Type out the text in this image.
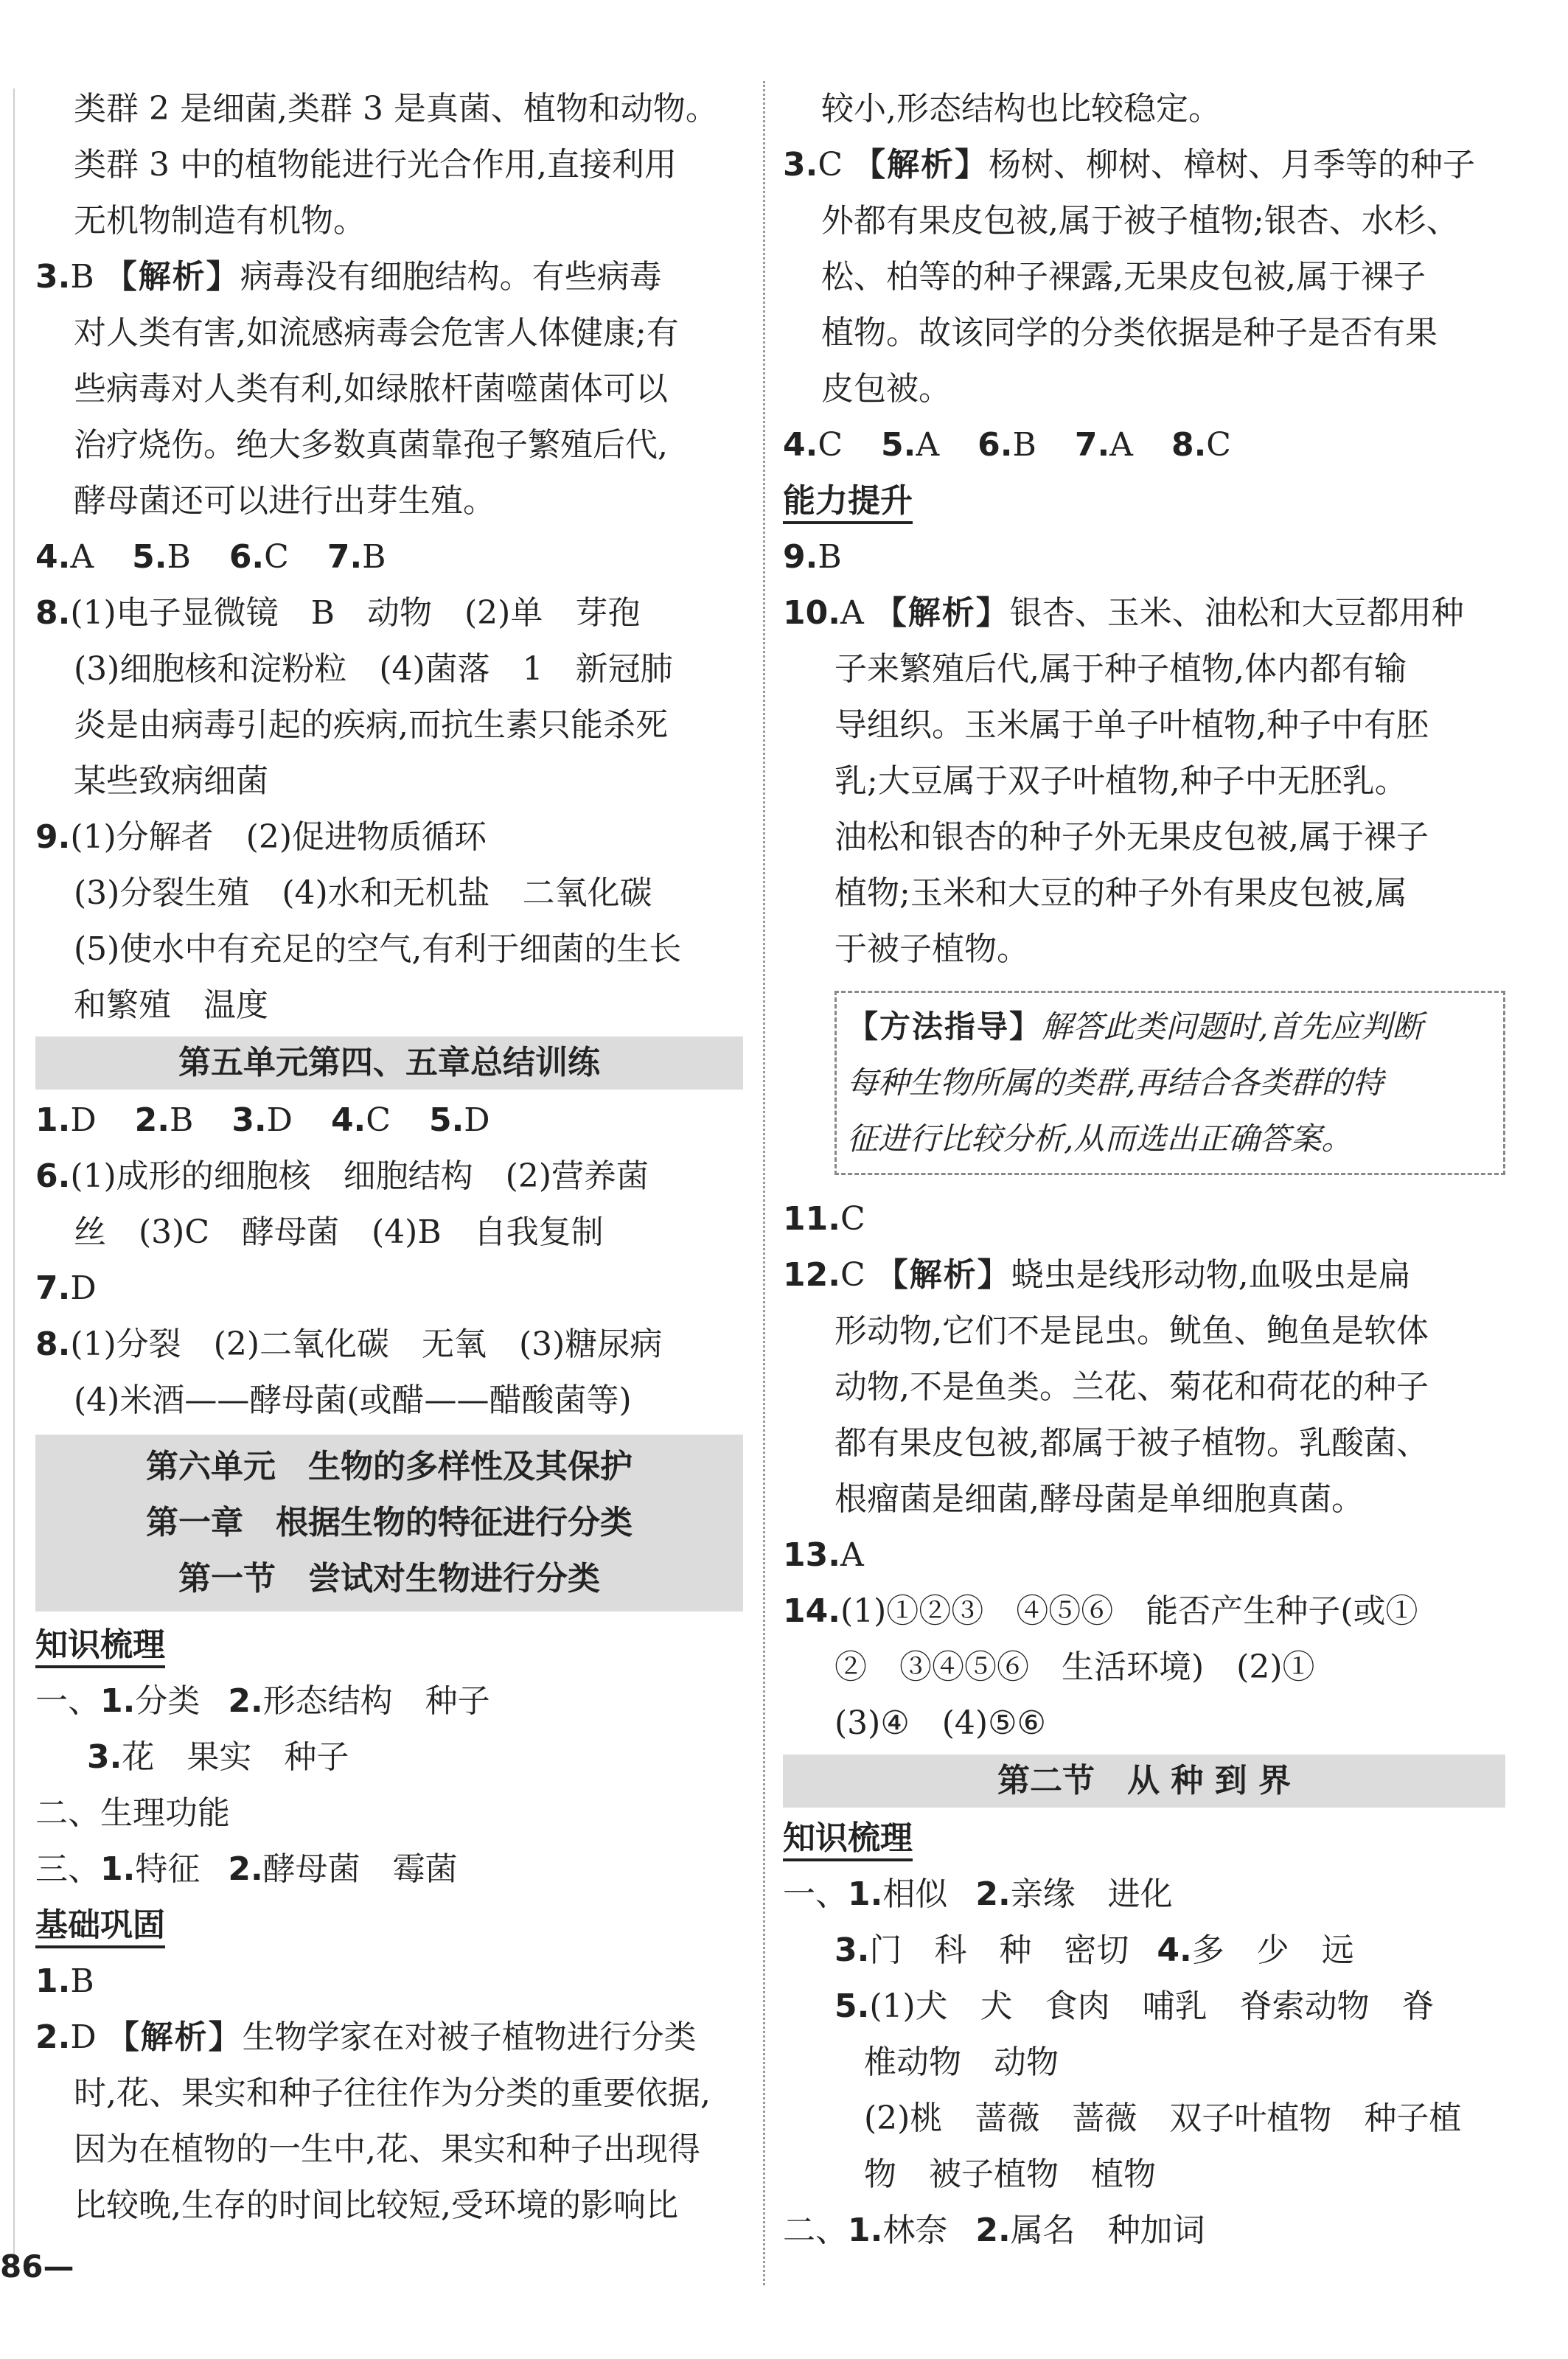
类群 2 是细菌,类群 3 是真菌、植物和动物。
类群 3 中的植物能进行光合作用,直接利用
无机物制造有机物。
3.B 【解析】病毒没有细胞结构。有些病毒
对人类有害,如流感病毒会危害人体健康;有
些病毒对人类有利,如绿脓杆菌噬菌体可以
治疗烧伤。绝大多数真菌靠孢子繁殖后代,
酵母菌还可以进行出芽生殖。
4.A 5.B 6.C 7.B
8.(1)电子显微镜　B　动物　(2)单　芽孢
(3)细胞核和淀粉粒　(4)菌落　1　新冠肺
炎是由病毒引起的疾病,而抗生素只能杀死
某些致病细菌
9.(1)分解者　(2)促进物质循环
(3)分裂生殖　(4)水和无机盐　二氧化碳
(5)使水中有充足的空气,有利于细菌的生长
和繁殖　温度
第五单元第四、五章总结训练
1.D 2.B 3.D 4.C 5.D
6.(1)成形的细胞核　细胞结构　(2)营养菌
丝　(3)C　酵母菌　(4)B　自我复制
7.D
8.(1)分裂　(2)二氧化碳　无氧　(3)糖尿病
(4)米酒——酵母菌(或醋——醋酸菌等)
第六单元　生物的多样性及其保护
第一章　根据生物的特征进行分类
第一节　尝试对生物进行分类
知识梳理
一、1.分类 2.形态结构　种子
3.花　果实　种子
二、生理功能
三、1.特征 2.酵母菌　霉菌
基础巩固
1.B
2.D 【解析】生物学家在对被子植物进行分类
时,花、果实和种子往往作为分类的重要依据,
因为在植物的一生中,花、果实和种子出现得
比较晚,生存的时间比较短,受环境的影响比
较小,形态结构也比较稳定。
3.C 【解析】杨树、柳树、樟树、月季等的种子
外都有果皮包被,属于被子植物;银杏、水杉、
松、柏等的种子裸露,无果皮包被,属于裸子
植物。故该同学的分类依据是种子是否有果
皮包被。
4.C 5.A 6.B 7.A 8.C
能力提升
9.B
10.A 【解析】银杏、玉米、油松和大豆都用种
子来繁殖后代,属于种子植物,体内都有输
导组织。玉米属于单子叶植物,种子中有胚
乳;大豆属于双子叶植物,种子中无胚乳。
油松和银杏的种子外无果皮包被,属于裸子
植物;玉米和大豆的种子外有果皮包被,属
于被子植物。
【方法指导】解答此类问题时,首先应判断
每种生物所属的类群,再结合各类群的特
征进行比较分析,从而选出正确答案。
11.C
12.C 【解析】蛲虫是线形动物,血吸虫是扁
形动物,它们不是昆虫。鱿鱼、鲍鱼是软体
动物,不是鱼类。兰花、菊花和荷花的种子
都有果皮包被,都属于被子植物。乳酸菌、
根瘤菌是细菌,酵母菌是单细胞真菌。
13.A
14.(1)①②③　④⑤⑥　能否产生种子(或①
②　③④⑤⑥　生活环境)　(2)①
(3)④　(4)⑤⑥
第二节　从 种 到 界
知识梳理
一、1.相似 2.亲缘　进化
3.门　科　种　密切 4.多　少　远
5.(1)犬　犬　食肉　哺乳　脊索动物　脊
椎动物　动物
(2)桃　蔷薇　蔷薇　双子叶植物　种子植
物　被子植物　植物
二、1.林奈 2.属名　种加词
86—
